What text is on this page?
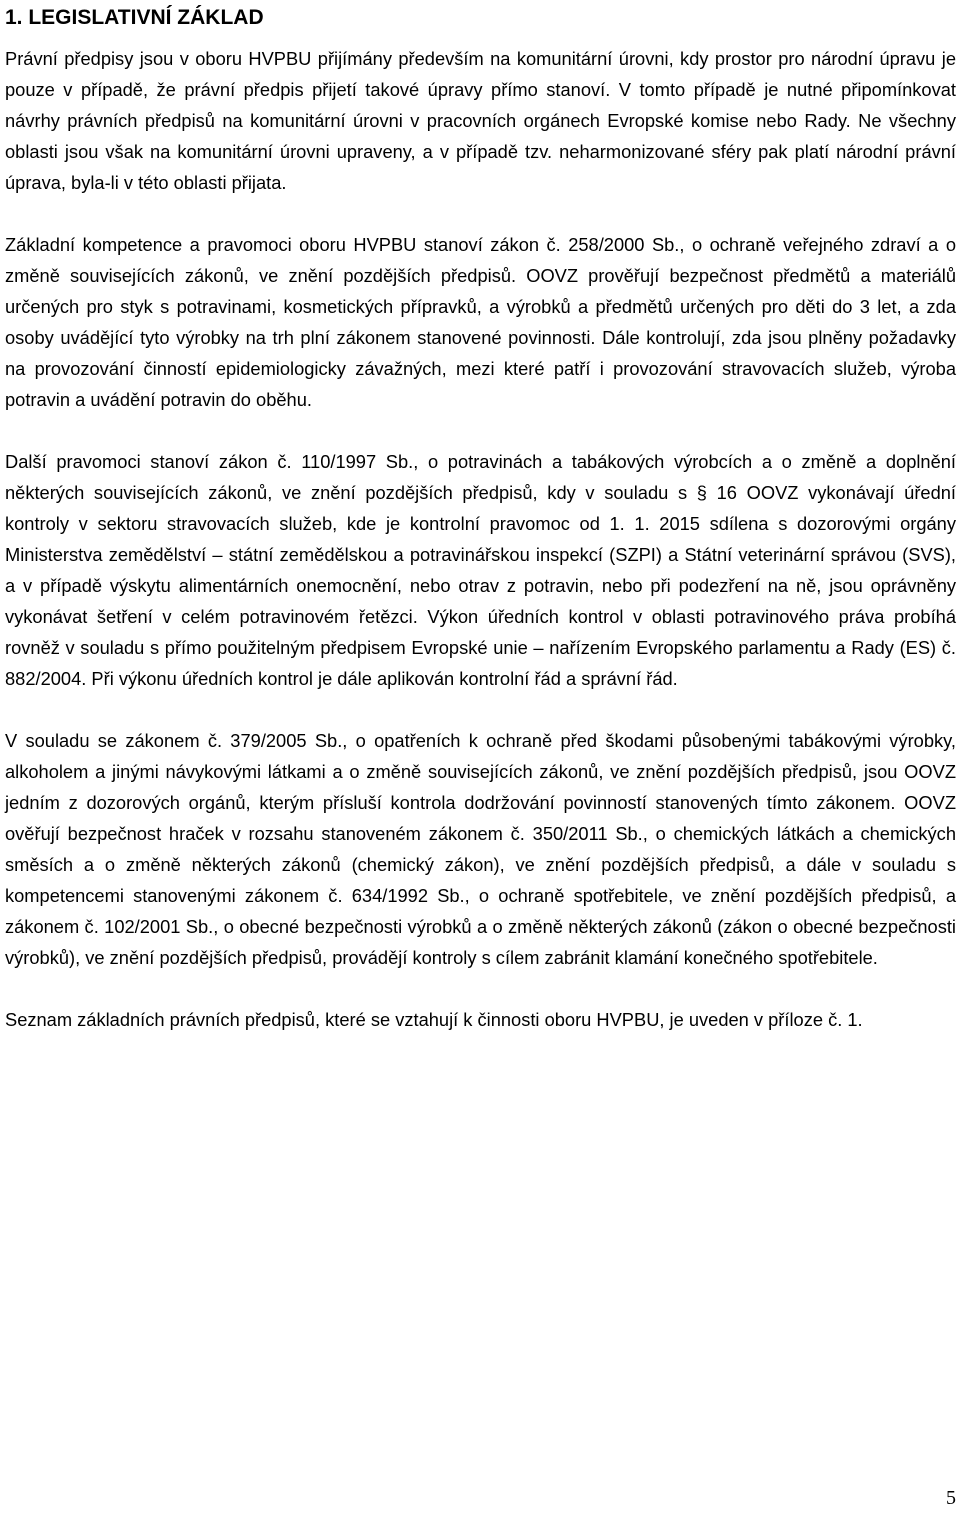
1. LEGISLATIVNÍ ZÁKLAD

Právní předpisy jsou v oboru HVPBU přijímány především na komunitární úrovni, kdy prostor pro národní úpravu je pouze v případě, že právní předpis přijetí takové úpravy přímo stanoví. V tomto případě je nutné připomínkovat návrhy právních předpisů na komunitární úrovni v pracovních orgánech Evropské komise nebo Rady. Ne všechny oblasti jsou však na komunitární úrovni upraveny, a v případě tzv. neharmonizované sféry pak platí národní právní úprava, byla-li v této oblasti přijata.

Základní kompetence a pravomoci oboru HVPBU stanoví zákon č. 258/2000 Sb., o ochraně veřejného zdraví a o změně souvisejících zákonů, ve znění pozdějších předpisů. OOVZ prověřují bezpečnost předmětů a materiálů určených pro styk s potravinami, kosmetických přípravků, a výrobků a předmětů určených pro děti do 3 let, a zda osoby uvádějící tyto výrobky na trh plní zákonem stanovené povinnosti. Dále kontrolují, zda jsou plněny požadavky na provozování činností epidemiologicky závažných, mezi které patří i provozování stravovacích služeb, výroba potravin a uvádění potravin do oběhu.

Další pravomoci stanoví zákon č. 110/1997 Sb., o potravinách a tabákových výrobcích a o změně a doplnění některých souvisejících zákonů, ve znění pozdějších předpisů, kdy v souladu s § 16 OOVZ vykonávají úřední kontroly v sektoru stravovacích služeb, kde je kontrolní pravomoc od 1. 1. 2015 sdílena s dozorovými orgány Ministerstva zemědělství – státní zemědělskou a potravinářskou inspekcí (SZPI) a Státní veterinární správou (SVS), a v případě výskytu alimentárních onemocnění, nebo otrav z potravin, nebo při podezření na ně, jsou oprávněny vykonávat šetření v celém potravinovém řetězci. Výkon úředních kontrol v oblasti potravinového práva probíhá rovněž v souladu s přímo použitelným předpisem Evropské unie – nařízením Evropského parlamentu a Rady (ES) č. 882/2004. Při výkonu úředních kontrol je dále aplikován kontrolní řád a správní řád.

V souladu se zákonem č. 379/2005 Sb., o opatřeních k ochraně před škodami působenými tabákovými výrobky, alkoholem a jinými návykovými látkami a o změně souvisejících zákonů, ve znění pozdějších předpisů, jsou OOVZ jedním z dozorových orgánů, kterým přísluší kontrola dodržování povinností stanovených tímto zákonem. OOVZ ověřují bezpečnost hraček v rozsahu stanoveném zákonem č. 350/2011 Sb., o chemických látkách a chemických směsích a o změně některých zákonů (chemický zákon), ve znění pozdějších předpisů, a dále v souladu s kompetencemi stanovenými zákonem č. 634/1992 Sb., o ochraně spotřebitele, ve znění pozdějších předpisů, a zákonem č. 102/2001 Sb., o obecné bezpečnosti výrobků a o změně některých zákonů (zákon o obecné bezpečnosti výrobků), ve znění pozdějších předpisů, provádějí kontroly s cílem zabránit klamání konečného spotřebitele.

Seznam základních právních předpisů, které se vztahují k činnosti oboru HVPBU, je uveden v příloze č. 1.

5
